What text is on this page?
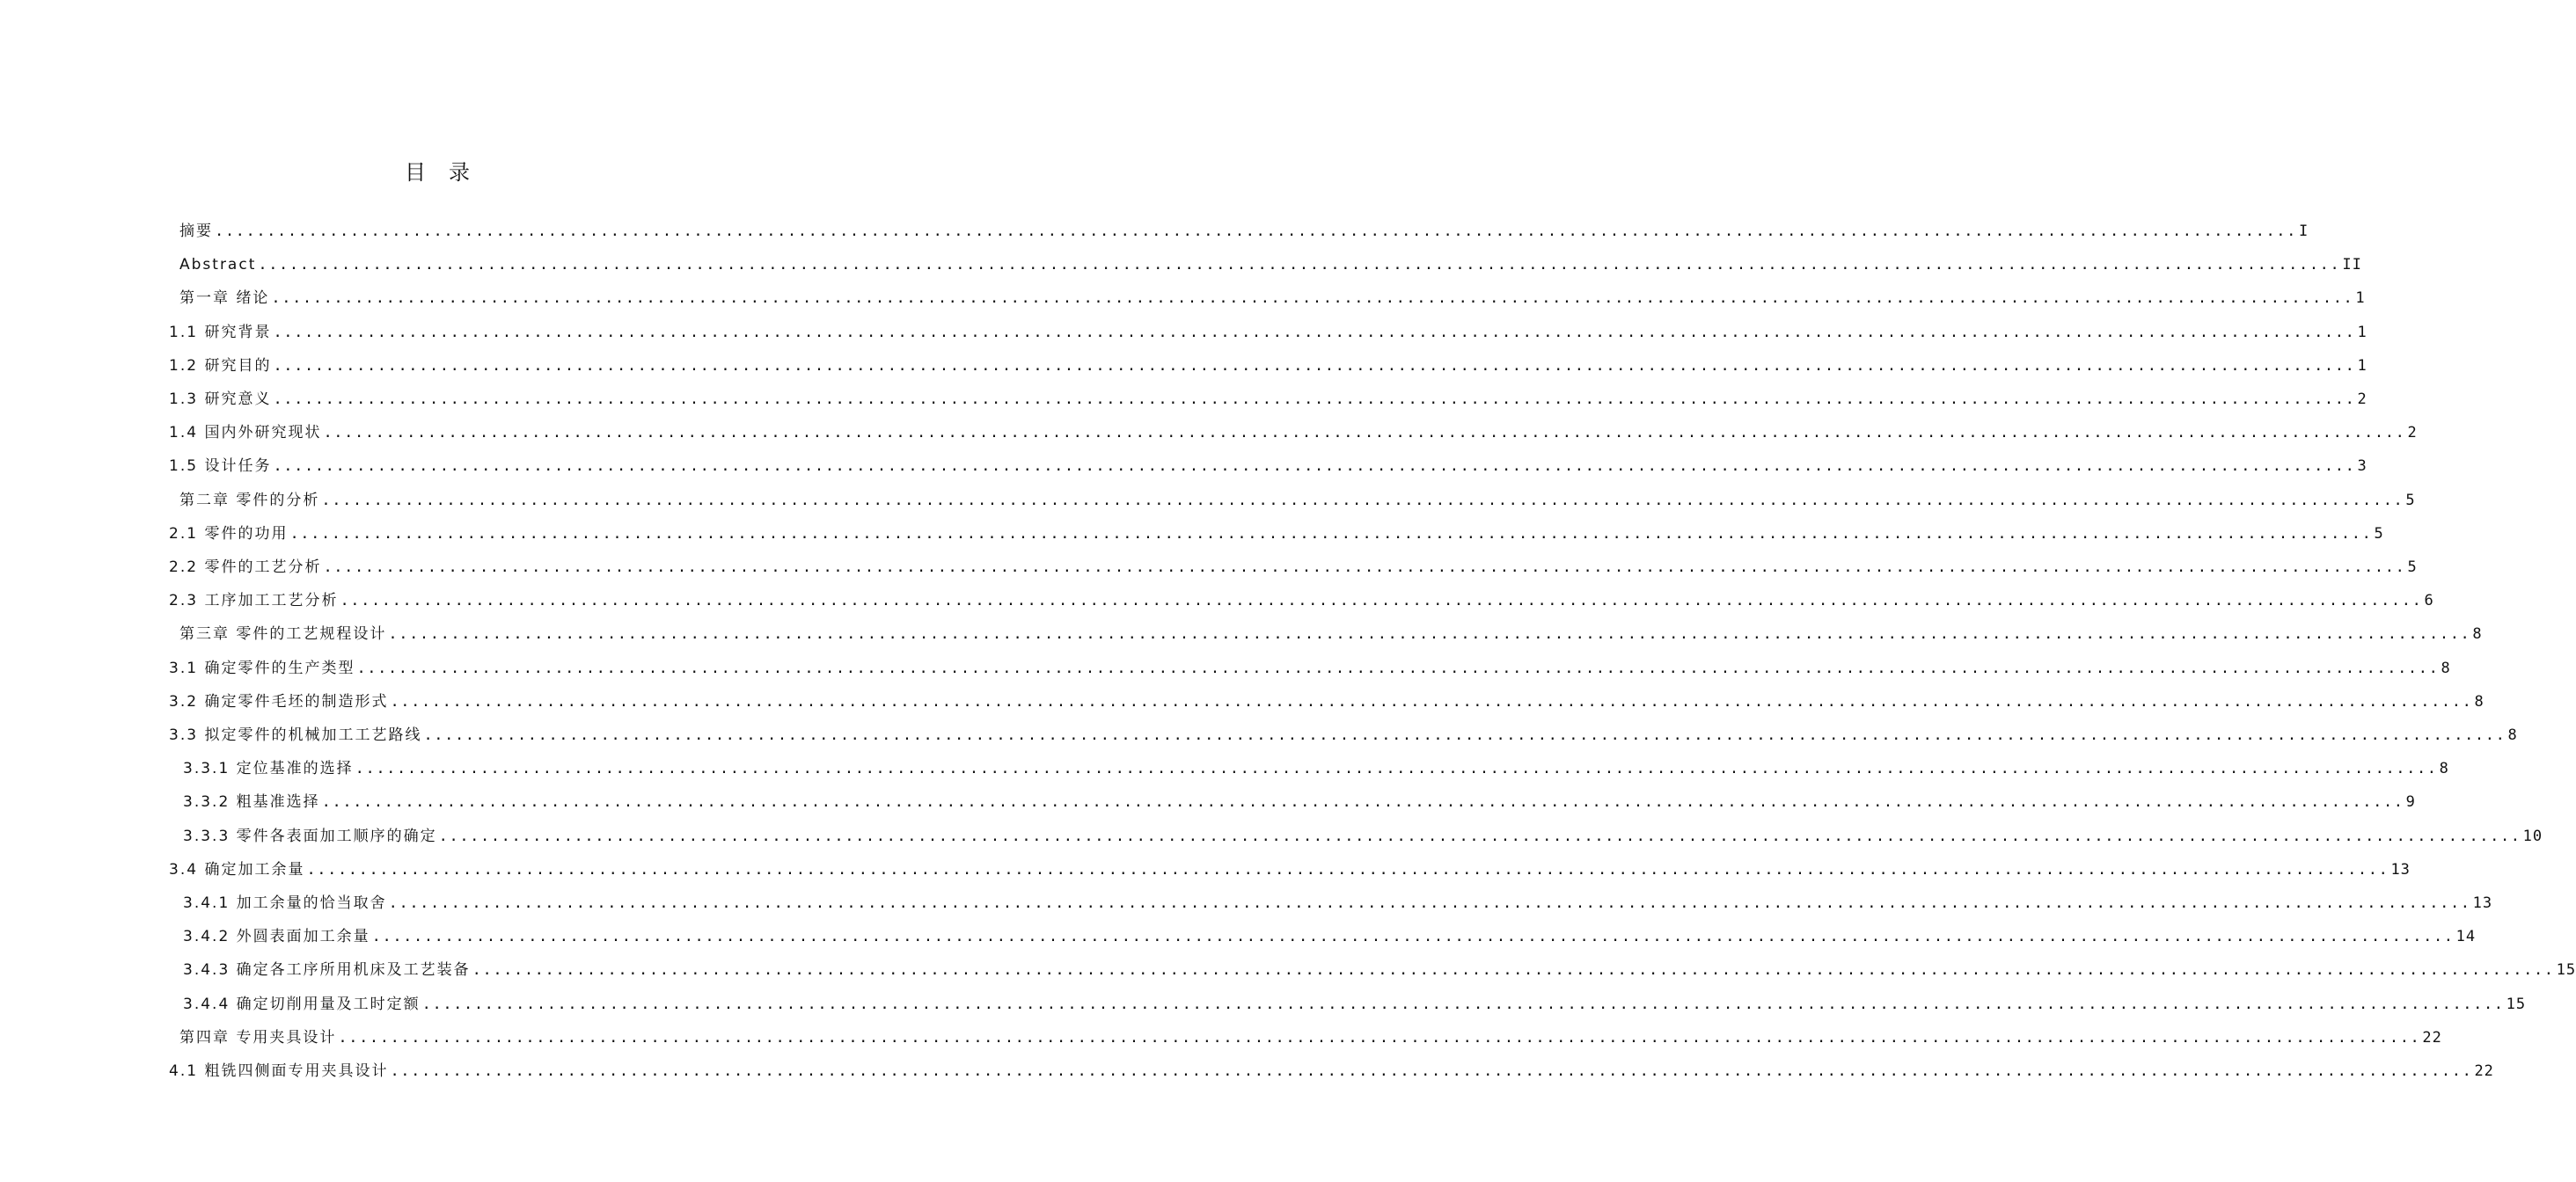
目录
摘要 ........................................................................................................................................................................................................ I
Abstract ........................................................................................................................................................................................................ II
第一章 绪论 ........................................................................................................................................................................................................ 1
1.1 研究背景 ........................................................................................................................................................................................................ 1
1.2 研究目的 ........................................................................................................................................................................................................ 1
1.3 研究意义 ........................................................................................................................................................................................................ 2
1.4 国内外研究现状 ........................................................................................................................................................................................................ 2
1.5 设计任务 ........................................................................................................................................................................................................ 3
第二章 零件的分析 ........................................................................................................................................................................................................ 5
2.1 零件的功用 ........................................................................................................................................................................................................ 5
2.2 零件的工艺分析 ........................................................................................................................................................................................................ 5
2.3 工序加工工艺分析 ........................................................................................................................................................................................................ 6
第三章 零件的工艺规程设计 ........................................................................................................................................................................................................ 8
3.1 确定零件的生产类型 ........................................................................................................................................................................................................ 8
3.2 确定零件毛坯的制造形式 ........................................................................................................................................................................................................ 8
3.3 拟定零件的机械加工工艺路线 ........................................................................................................................................................................................................ 8
3.3.1 定位基准的选择 ........................................................................................................................................................................................................ 8
3.3.2 粗基准选择 ........................................................................................................................................................................................................ 9
3.3.3 零件各表面加工顺序的确定 ........................................................................................................................................................................................................ 10
3.4 确定加工余量 ........................................................................................................................................................................................................ 13
3.4.1 加工余量的恰当取舍 ........................................................................................................................................................................................................ 13
3.4.2 外圆表面加工余量 ........................................................................................................................................................................................................ 14
3.4.3 确定各工序所用机床及工艺装备 ........................................................................................................................................................................................................ 15
3.4.4 确定切削用量及工时定额 ........................................................................................................................................................................................................ 15
第四章 专用夹具设计 ........................................................................................................................................................................................................ 22
4.1 粗铣四侧面专用夹具设计 ........................................................................................................................................................................................................ 22
